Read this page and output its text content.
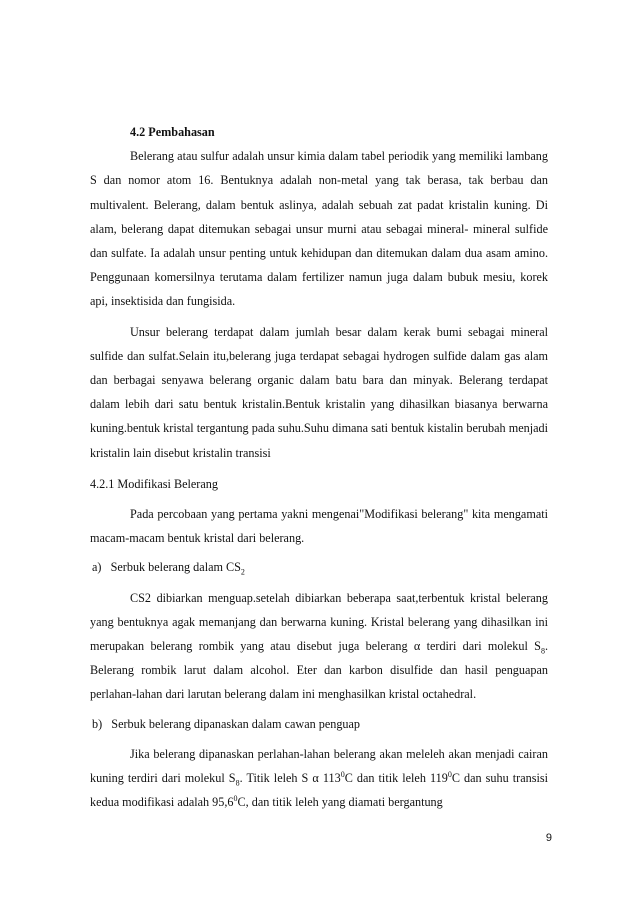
4.2 Pembahasan

Belerang atau sulfur adalah unsur kimia dalam tabel periodik yang memiliki lambang S dan nomor atom 16. Bentuknya adalah non-metal yang tak berasa, tak berbau dan multivalent. Belerang, dalam bentuk aslinya, adalah sebuah zat padat kristalin kuning. Di alam, belerang dapat ditemukan sebagai unsur murni atau sebagai mineral- mineral sulfide dan sulfate. Ia adalah unsur penting untuk kehidupan dan ditemukan dalam dua asam amino. Penggunaan komersilnya terutama dalam fertilizer namun juga dalam bubuk mesiu, korek api, insektisida dan fungisida.

Unsur belerang terdapat dalam jumlah besar dalam kerak bumi sebagai mineral sulfide dan sulfat.Selain itu,belerang juga terdapat sebagai hydrogen sulfide dalam gas alam dan berbagai senyawa belerang organic dalam batu bara dan minyak. Belerang terdapat dalam lebih dari satu bentuk kristalin.Bentuk kristalin yang dihasilkan biasanya berwarna kuning.bentuk kristal tergantung pada suhu.Suhu dimana sati bentuk kistalin berubah menjadi kristalin lain disebut kristalin transisi

4.2.1 Modifikasi Belerang

Pada percobaan yang pertama yakni mengenai"Modifikasi belerang" kita mengamati macam-macam bentuk kristal dari belerang.

a) Serbuk belerang dalam $CS_2$

CS2 dibiarkan menguap.setelah dibiarkan beberapa saat,terbentuk kristal belerang yang bentuknya agak memanjang dan berwarna kuning. Kristal belerang yang dihasilkan ini merupakan belerang rombik yang atau disebut juga belerang α terdiri dari molekul $S_8$. Belerang rombik larut dalam alcohol. Eter dan karbon disulfide dan hasil penguapan perlahan-lahan dari larutan belerang dalam ini menghasilkan kristal octahedral.

b) Serbuk belerang dipanaskan dalam cawan penguap

Jika belerang dipanaskan perlahan-lahan belerang akan meleleh akan menjadi cairan kuning terdiri dari molekul $S_8$. Titik leleh S α $113^0C$ dan titik leleh $119^0C$ dan suhu transisi kedua modifikasi adalah 95,6$^0$C, dan titik leleh yang diamati bergantung

9
